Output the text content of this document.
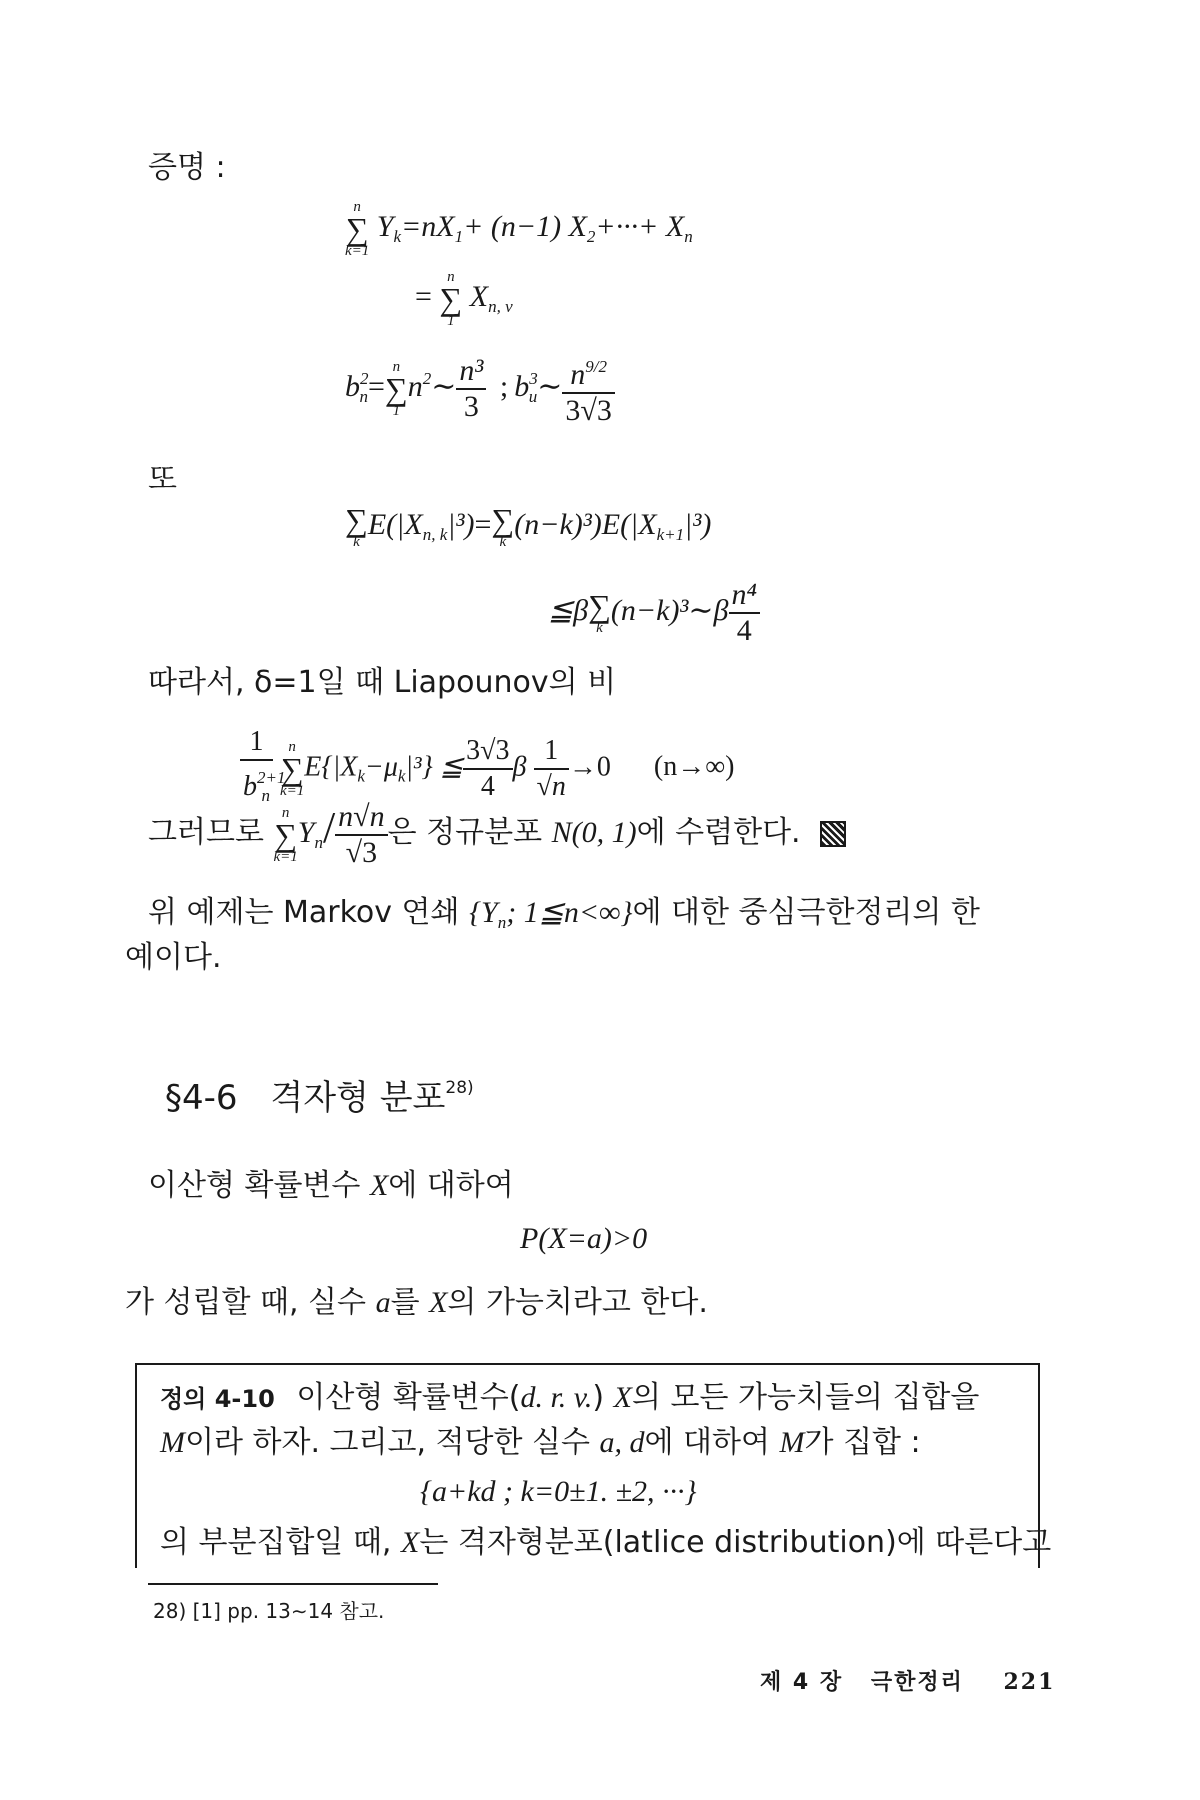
증명 :
n
∑
k=1
$Y_k=nX_1+ (n-1)$ $X_2+\cdot\cdot\cdot+ X_n$
=
n
∑
1
$X_{n, v}$
$b^2_n=$
n
∑
1
$n^2\sim \frac{\text{n³}}{3}$ ; $b^3_u\sim \frac{n^{9/2}}{3√3}$
또
∑
k
$E(|X_{n, k}|^3)=$ ∑
k
$(n-k)^3)E(|X_{k+1}|^3)$
≦β ∑
k
(n−k)³∼β $\frac{\text{n⁴}}{4}$
따라서, δ=1일 때 Liapounov의 비
$\frac{1}{b^{2+1}_n}$
	n
∑
k=1
$E\{|X_k-\mu_k|^3\}$ ≦ $\frac{3√3}{4}$ β $\frac{1}{√n} \to 0$ (n→∞)
그러므로
n
∑
k=1
$Y_n/ \frac{n√n}{√3}$ 은 정규분포 N(0, 1)에 수렴한다.
위 예제는 Markov 연쇄 {$Y_n$; 1≦n<∞}에 대한 중심극한정리의 한
예이다.
§4-6 격자형 분포$^{28)}$
이산형 확률변수 X에 대하여
P(X=a)>0
가 성립할 때, 실수 a를 X의 가능치라고 한다.
정의 4-10 이산형 확률변수(d. r. v.) X의 모든 가능치들의 집합을
M이라 하자. 그리고, 적당한 실수 a, d에 대하여 M가 집합 :
{a+kd ; k=0±1. ±2, ···}
의 부분집합일 때, X는 격자형분포(latlice distribution)에 따른다고
28) [1] pp. 13∼14 참고.
제 4 장 극한정리 221
